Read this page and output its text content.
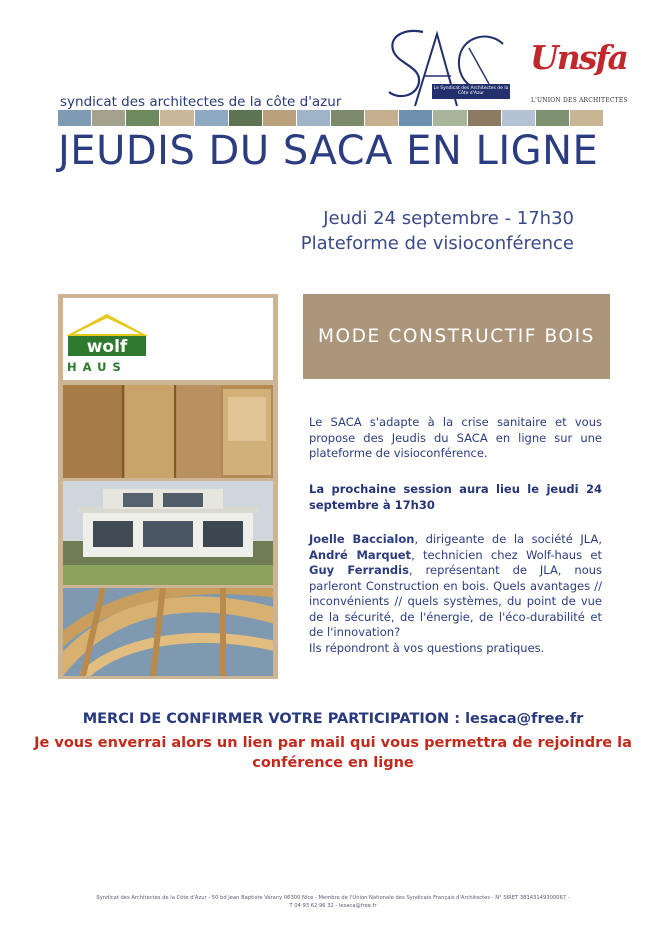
Le Syndicat des Architectes de la Côte d'Azur
Unsfa
L'UNION DES ARCHITECTES
syndicat des architectes de la côte d'azur
JEUDIS DU SACA EN LIGNE
Jeudi 24 septembre - 17h30
Plateforme de visioconférence
wolf
HAUS
MODE CONSTRUCTIF BOIS

Le SACA s'adapte à la crise sanitaire et vous propose des Jeudis du SACA en ligne sur une plateforme de visioconférence.

La prochaine session aura lieu le jeudi 24 septembre à 17h30

Joelle Baccialon, dirigeante de la société JLA, André Marquet, technicien chez Wolf-haus et Guy Ferrandis, représentant de JLA, nous parleront Construction en bois. Quels avantages // inconvénients // quels systèmes, du point de vue de la sécurité, de l'énergie, de l'éco-durabilité et de l'innovation?
Ils répondront à vos questions pratiques.

MERCI DE CONFIRMER VOTRE PARTICIPATION : lesaca@free.fr
Je vous enverrai alors un lien par mail qui vous permettra de rejoindre la conférence en ligne
Syndicat des Architectes de la Côte d'Azur - 50 bd Jean Baptiste Vérany 06300 Nice - Membre de l'Union Nationale des Syndicats Français d'Architectes - N° SIRET 38143149300067 -
T 04 93 62 96 32 - lesaca@free.fr
